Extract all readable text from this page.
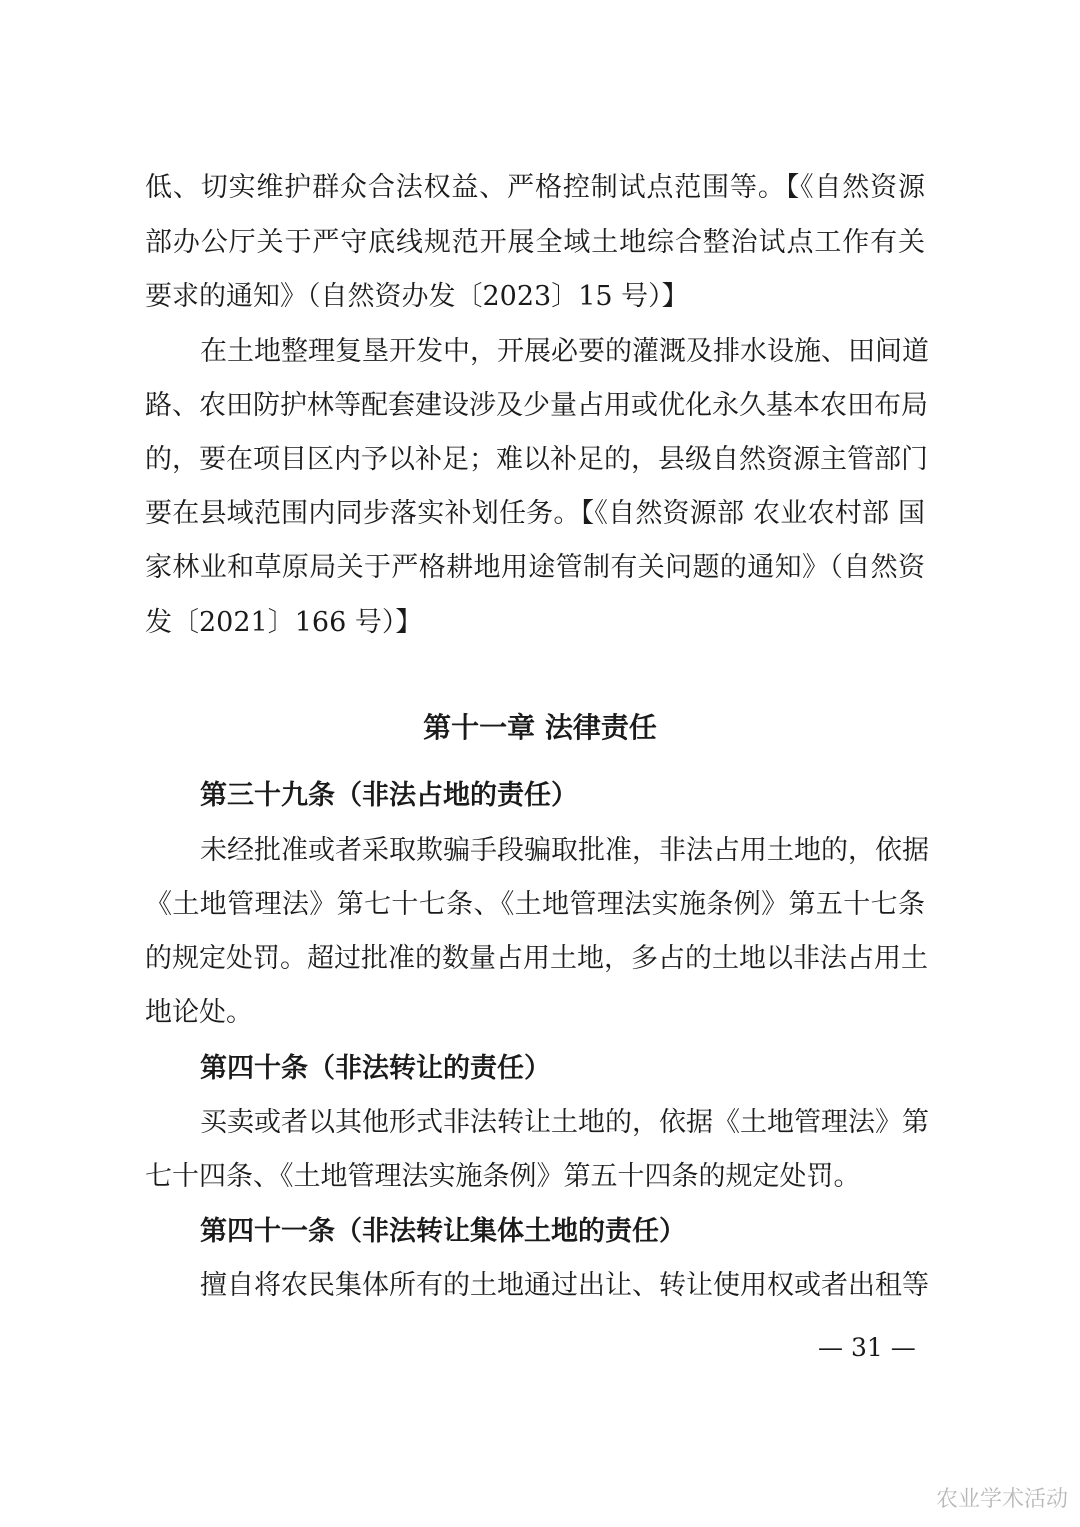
低、切实维护群众合法权益、严格控制试点范围等。【《自然资源
部办公厅关于严守底线规范开展全域土地综合整治试点工作有关
要求的通知》（自然资办发〔2023〕15 号）】
在土地整理复垦开发中，开展必要的灌溉及排水设施、田间道
路、农田防护林等配套建设涉及少量占用或优化永久基本农田布局
的，要在项目区内予以补足；难以补足的，县级自然资源主管部门
要在县域范围内同步落实补划任务。【《自然资源部 农业农村部 国
家林业和草原局关于严格耕地用途管制有关问题的通知》（自然资
发〔2021〕166 号）】
第十一章 法律责任
第三十九条（非法占地的责任）
未经批准或者采取欺骗手段骗取批准，非法占用土地的，依据
《土地管理法》第七十七条、《土地管理法实施条例》第五十七条
的规定处罚。超过批准的数量占用土地，多占的土地以非法占用土
地论处。
第四十条（非法转让的责任）
买卖或者以其他形式非法转让土地的，依据《土地管理法》第
七十四条、《土地管理法实施条例》第五十四条的规定处罚。
第四十一条（非法转让集体土地的责任）
擅自将农民集体所有的土地通过出让、转让使用权或者出租等
— 31 —
农业学术活动
